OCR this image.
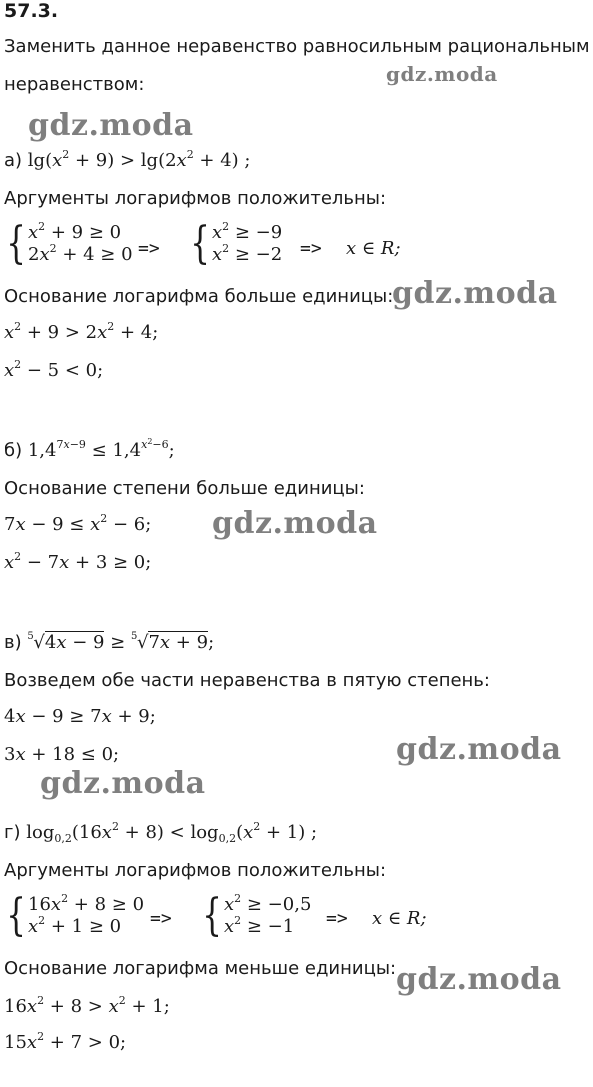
57.3.
Заменить данное неравенство равносильным рациональным
неравенством:	gdz.moda
gdz.moda
gdz.moda
gdz.moda
gdz.moda
gdz.moda
gdz.moda
а) $\lg(x^2 + 9) > \lg(2x^2 + 4)$ ;
Аргументы логарифмов положительны:
{ $x^2 + 9 \ge 0$
$2x^2 + 4 \ge 0$ => { $x^2 \ge -9$
$x^2 \ge -2 => x$ ∈ R;
Основание логарифма больше единицы:
$x^2 + 9 > 2x^2 + 4$;
$x^2 - 5 < 0$;
б) $1,4^{7x-9} \le 1,4^{x^2-6}$;
Основание степени больше единицы:
$7x - 9 \le x^2 - 6$;
$x^2 - 7x + 3 \ge 0$;
в) 5 √4x − 9 ≥ 5 √7x + 9;
Возведем обе части неравенства в пятую степень:
4x − 9 ≥ 7x + 9;
3x + 18 ≤ 0;
г) $\log_{0,2}(16x^2 + 8) < \log_{0,2}(x^2 + 1)$ ;
Аргументы логарифмов положительны:
{ $16x^2 + 8 \ge 0$
$x^2 + 1 \ge 0$	=> { $x^2 \ge -0,5$
$x^2 \ge -1$	=> x ∈ R;
Основание логарифма меньше единицы:
$16x^2 + 8 > x^2 + 1$;
$15x^2 + 7 > 0$;
